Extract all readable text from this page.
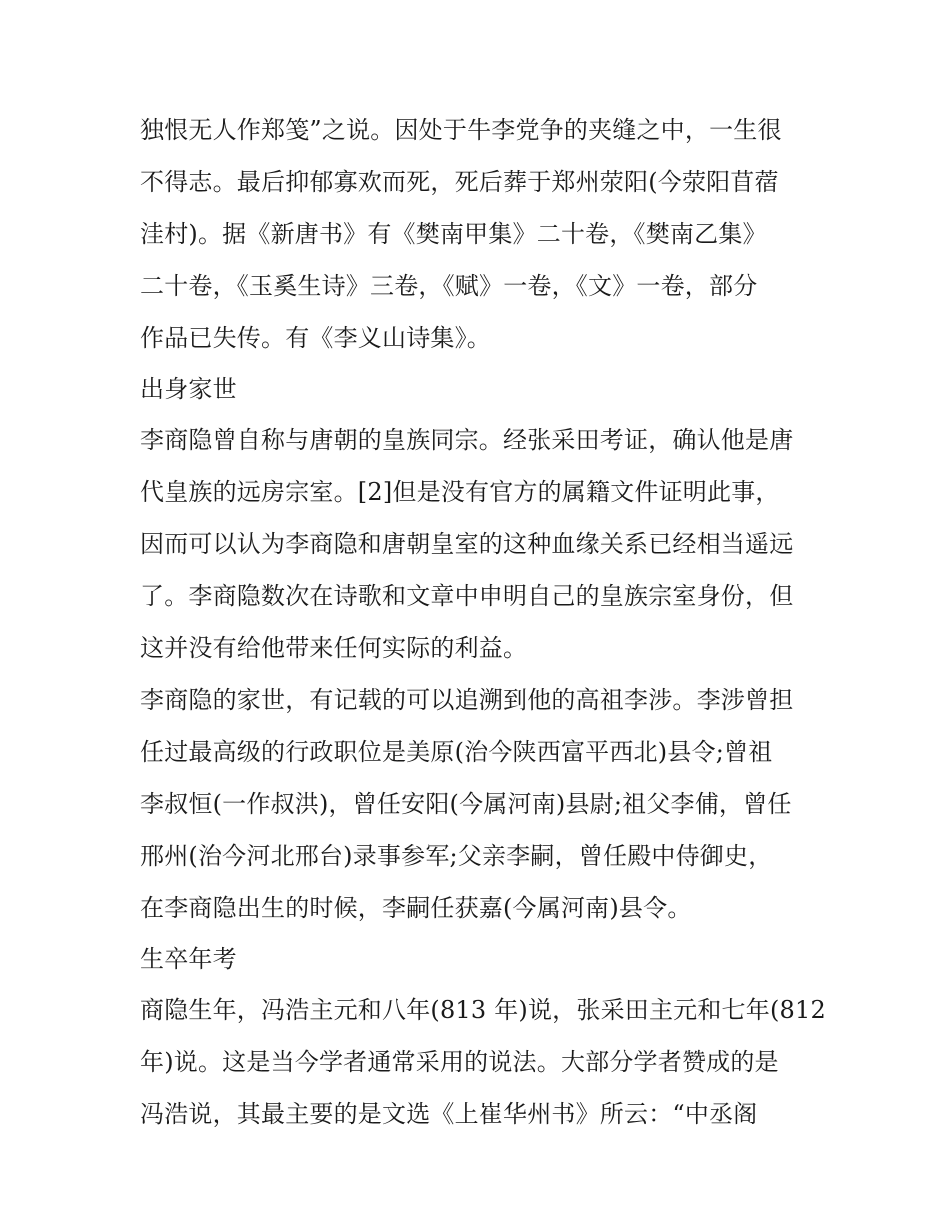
独恨无人作郑笺”之说。因处于牛李党争的夹缝之中，一生很
不得志。最后抑郁寡欢而死，死后葬于郑州荥阳(今荥阳苜蓿
洼村)。据《新唐书》有《樊南甲集》二十卷，《樊南乙集》
二十卷，《玉奚生诗》三卷，《赋》一卷，《文》一卷，部分
作品已失传。有《李义山诗集》。
出身家世
李商隐曾自称与唐朝的皇族同宗。经张采田考证，确认他是唐
代皇族的远房宗室。[2]但是没有官方的属籍文件证明此事，
因而可以认为李商隐和唐朝皇室的这种血缘关系已经相当遥远
了。李商隐数次在诗歌和文章中申明自己的皇族宗室身份，但
这并没有给他带来任何实际的利益。
李商隐的家世，有记载的可以追溯到他的高祖李涉。李涉曾担
任过最高级的行政职位是美原(治今陕西富平西北)县令;曾祖
李叔恒(一作叔洪)，曾任安阳(今属河南)县尉;祖父李俌，曾任
邢州(治今河北邢台)录事参军;父亲李嗣，曾任殿中侍御史，
在李商隐出生的时候，李嗣任获嘉(今属河南)县令。
生卒年考
商隐生年，冯浩主元和八年(813 年)说，张采田主元和七年(812
年)说。这是当今学者通常采用的说法。大部分学者赞成的是
冯浩说，其最主要的是文选《上崔华州书》所云：“中丞阁
